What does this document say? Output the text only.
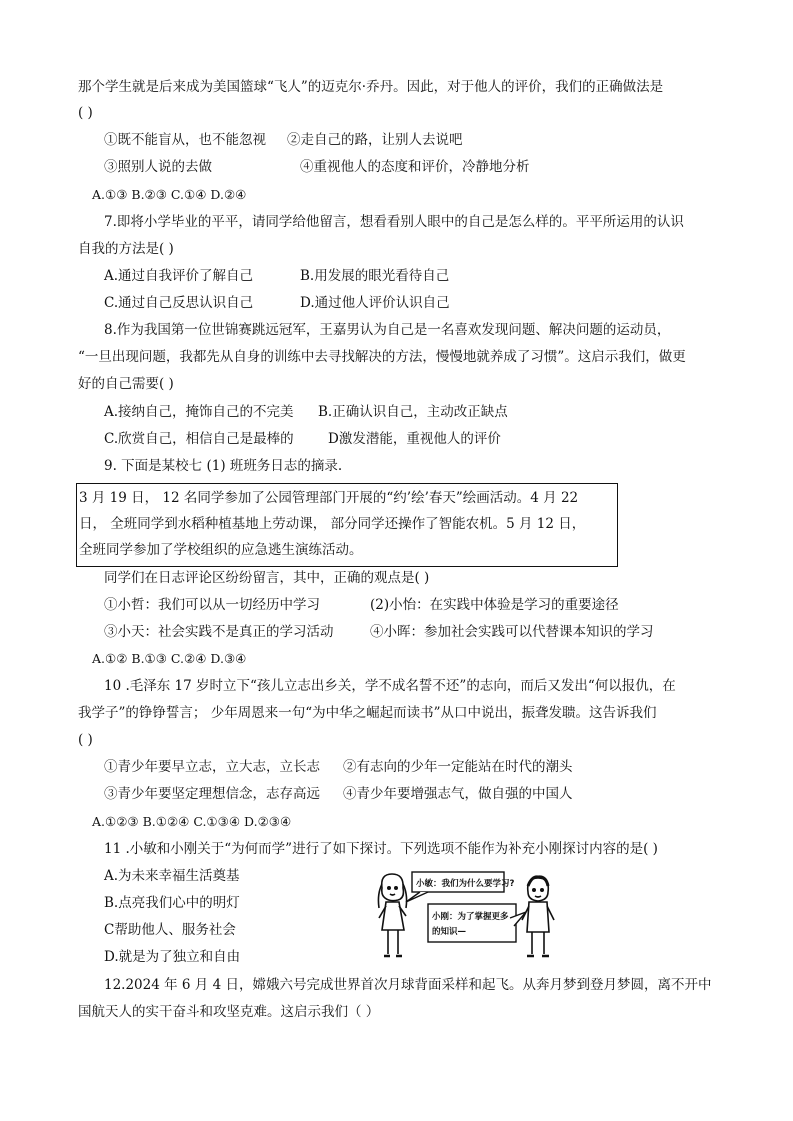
那个学生就是后来成为美国篮球“飞人”的迈克尔·乔丹。因此，对于他人的评价，我们的正确做法是
( )
①既不能盲从，也不能忽视 ②走自己的路，让别人去说吧
③照别人说的去做	④重视他人的态度和评价，冷静地分析
A.①③ B.②③ C.①④ D.②④
7.即将小学毕业的平平，请同学给他留言，想看看别人眼中的自己是怎么样的。平平所运用的认识
自我的方法是( )
A.通过自我评价了解自己	B.用发展的眼光看待自己
C.通过自己反思认识自己	D.通过他人评价认识自己
8.作为我国第一位世锦赛跳远冠军，王嘉男认为自己是一名喜欢发现问题、解决问题的运动员，
“一旦出现问题，我都先从自身的训练中去寻找解决的方法，慢慢地就养成了习惯”。这启示我们，做更
好的自己需要( )
A.接纳自己，掩饰自己的不完美 B.正确认识自己，主动改正缺点
C.欣赏自己，相信自己是最棒的	D激发潜能，重视他人的评价
9. 下面是某校七 (1) 班班务日志的摘录.
3 月 19 日， 12 名同学参加了公园管理部门开展的“约’绘’春天”绘画活动。4 月 22
日， 全班同学到水稻种植基地上劳动课， 部分同学还操作了智能农机。5 月 12 日，
全班同学参加了学校组织的应急逃生演练活动。
同学们在日志评论区纷纷留言，其中，正确的观点是( )
①小哲：我们可以从一切经历中学习	(2)小怡：在实践中体验是学习的重要途径
③小天：社会实践不是真正的学习活动	④小晖：参加社会实践可以代替课本知识的学习
A.①② B.①③ C.②④ D.③④
10 .毛泽东 17 岁时立下“孩儿立志出乡关，学不成名誓不还”的志向，而后又发出“何以报仇，在
我学子”的铮铮誓言； 少年周恩来一句“为中华之崛起而读书”从口中说出，振聋发聩。这告诉我们
( )
①青少年要早立志，立大志，立长志 ②有志向的少年一定能站在时代的潮头
③青少年要坚定理想信念，志存高远 ④青少年要增强志气，做自强的中国人
A.①②③ B.①②④ C.①③④ D.②③④
11 .小敏和小刚关于“为何而学”进行了如下探讨。下列选项不能作为补充小刚探讨内容的是( )
A.为未来幸福生活奠基
B.点亮我们心中的明灯
C帮助他人、服务社会
D.就是为了独立和自由
小敏：我们为什么要学习?
小刚：为了掌握更多
的知识—
12.2024 年 6 月 4 日，嫦娥六号完成世界首次月球背面采样和起飞。从奔月梦到登月梦圆，离不开中
国航天人的实干奋斗和攻坚克难。这启示我们（ ）
